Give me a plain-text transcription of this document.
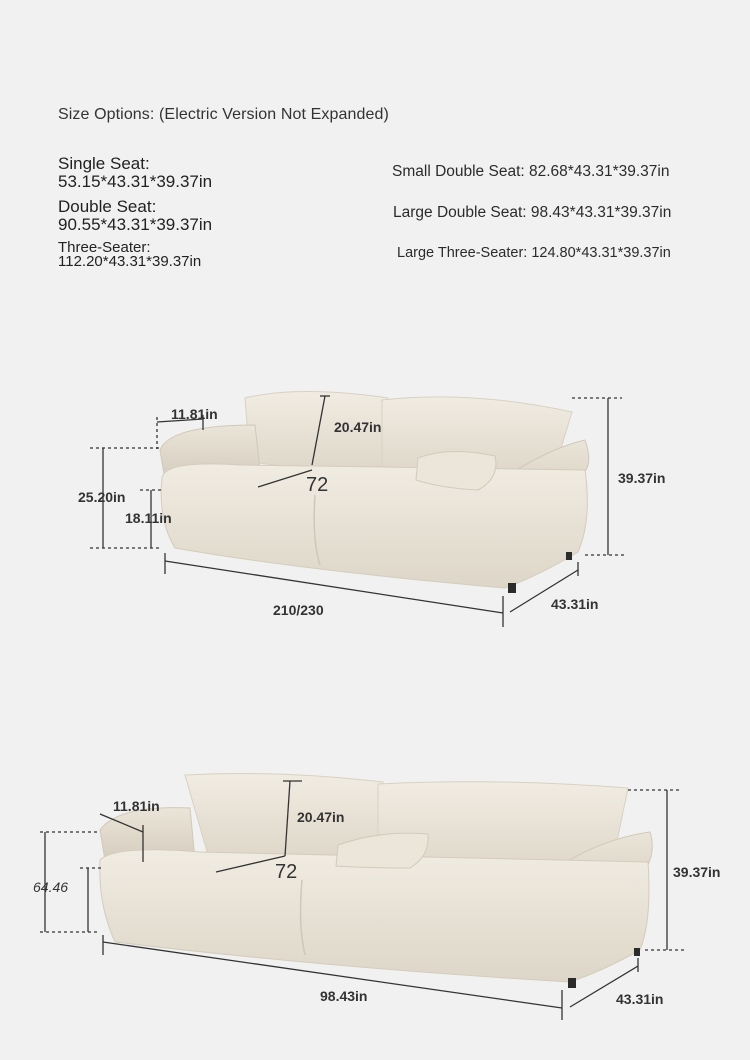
Size Options: (Electric Version Not Expanded)
Single Seat:
53.15*43.31*39.37in
Double Seat:
90.55*43.31*39.37in
Three-Seater:
112.20*43.31*39.37in
Small Double Seat: 82.68*43.31*39.37in
Large Double Seat: 98.43*43.31*39.37in
Large Three-Seater: 124.80*43.31*39.37in
11.81in
20.47in
72
25.20in
18.11in
39.37in
210/230	43.31in
11.81in
20.47in
72
64.46
39.37in
98.43in	43.31in
